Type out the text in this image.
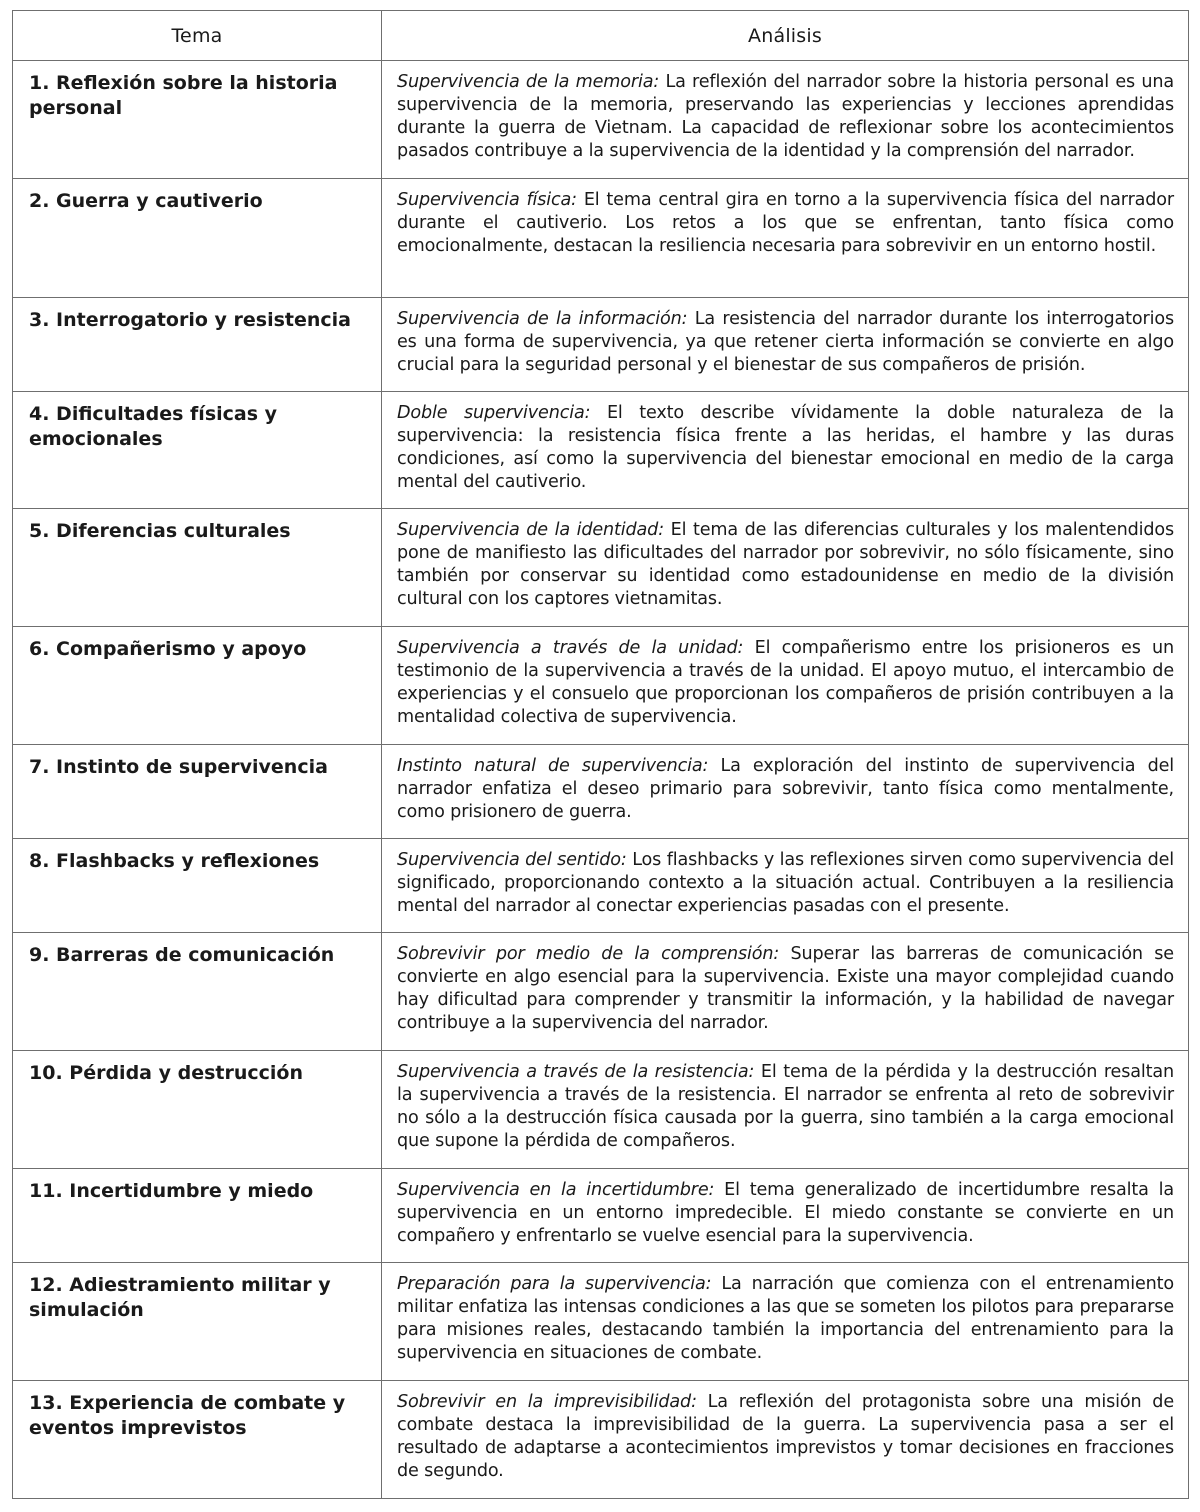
Tema	Análisis
1. Reflexión sobre la historia personal	Supervivencia de la memoria: La reflexión del narrador sobre la historia personal es una supervivencia de la memoria, preservando las experiencias y lecciones aprendidas durante la guerra de Vietnam. La capacidad de reflexionar sobre los acontecimientos pasados contribuye a la supervivencia de la identidad y la comprensión del narrador.
2. Guerra y cautiverio	Supervivencia física: El tema central gira en torno a la supervivencia física del narrador durante el cautiverio. Los retos a los que se enfrentan, tanto física como emocionalmente, destacan la resiliencia necesaria para sobrevivir en un entorno hostil.
3. Interrogatorio y resistencia	Supervivencia de la información: La resistencia del narrador durante los interrogatorios es una forma de supervivencia, ya que retener cierta información se convierte en algo crucial para la seguridad personal y el bienestar de sus compañeros de prisión.
4. Dificultades físicas y emocionales	Doble supervivencia: El texto describe vívidamente la doble naturaleza de la supervivencia: la resistencia física frente a las heridas, el hambre y las duras condiciones, así como la supervivencia del bienestar emocional en medio de la carga mental del cautiverio.
5. Diferencias culturales	Supervivencia de la identidad: El tema de las diferencias culturales y los malentendidos pone de manifiesto las dificultades del narrador por sobrevivir, no sólo físicamente, sino también por conservar su identidad como estadounidense en medio de la división cultural con los captores vietnamitas.
6. Compañerismo y apoyo	Supervivencia a través de la unidad: El compañerismo entre los prisioneros es un testimonio de la supervivencia a través de la unidad. El apoyo mutuo, el intercambio de experiencias y el consuelo que proporcionan los compañeros de prisión contribuyen a la mentalidad colectiva de supervivencia.
7. Instinto de supervivencia	Instinto natural de supervivencia: La exploración del instinto de supervivencia del narrador enfatiza el deseo primario para sobrevivir, tanto física como mentalmente, como prisionero de guerra.
8. Flashbacks y reflexiones	Supervivencia del sentido: Los flashbacks y las reflexiones sirven como supervivencia del significado, proporcionando contexto a la situación actual. Contribuyen a la resiliencia mental del narrador al conectar experiencias pasadas con el presente.
9. Barreras de comunicación	Sobrevivir por medio de la comprensión: Superar las barreras de comunicación se convierte en algo esencial para la supervivencia. Existe una mayor complejidad cuando hay dificultad para comprender y transmitir la información, y la habilidad de navegar contribuye a la supervivencia del narrador.
10. Pérdida y destrucción	Supervivencia a través de la resistencia: El tema de la pérdida y la destrucción resaltan la supervivencia a través de la resistencia. El narrador se enfrenta al reto de sobrevivir no sólo a la destrucción física causada por la guerra, sino también a la carga emocional que supone la pérdida de compañeros.
11. Incertidumbre y miedo	Supervivencia en la incertidumbre: El tema generalizado de incertidumbre resalta la supervivencia en un entorno impredecible. El miedo constante se convierte en un compañero y enfrentarlo se vuelve esencial para la supervivencia.
12. Adiestramiento militar y simulación	Preparación para la supervivencia: La narración que comienza con el entrenamiento militar enfatiza las intensas condiciones a las que se someten los pilotos para prepararse para misiones reales, destacando también la importancia del entrenamiento para la supervivencia en situaciones de combate.
13. Experiencia de combate y eventos imprevistos	Sobrevivir en la imprevisibilidad: La reflexión del protagonista sobre una misión de combate destaca la imprevisibilidad de la guerra. La supervivencia pasa a ser el resultado de adaptarse a acontecimientos imprevistos y tomar decisiones en fracciones de segundo.
